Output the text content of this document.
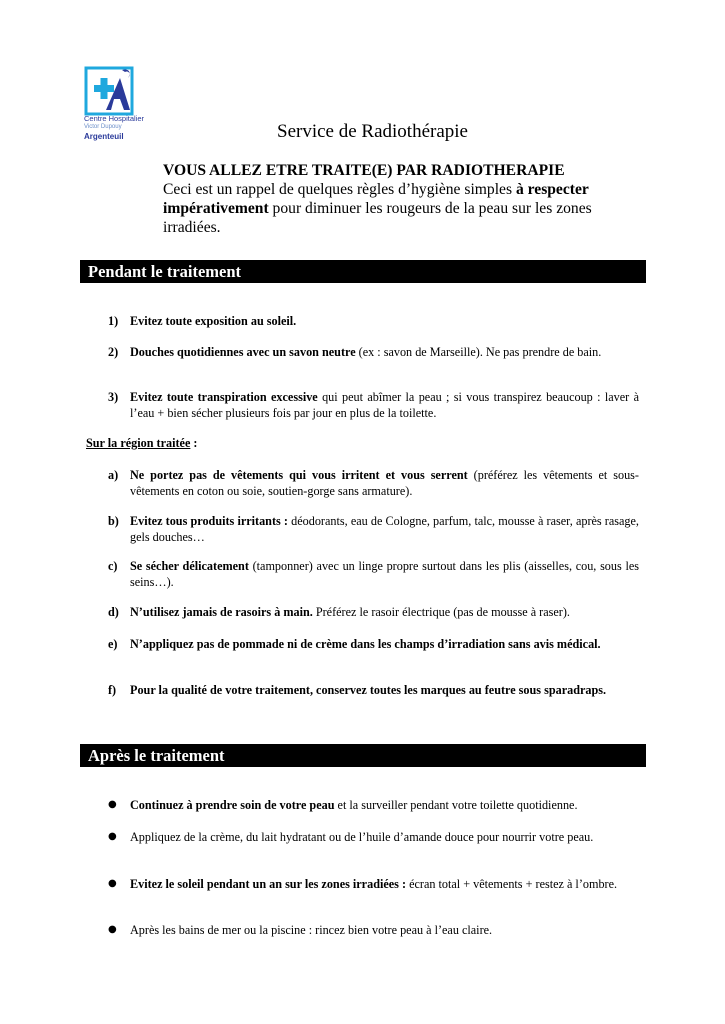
Centre Hospitalier
Victor Dupouy
Argenteuil	Service de Radiothérapie
VOUS ALLEZ ETRE TRAITE(E) PAR RADIOTHERAPIE
Ceci est un rappel de quelques règles d’hygiène simples à respecter impérativement pour diminuer les rougeurs de la peau sur les zones irradiées.
Pendant le traitement
1) Evitez toute exposition au soleil.
2) Douches quotidiennes avec un savon neutre (ex : savon de Marseille). Ne pas prendre de bain.
3) Evitez toute transpiration excessive qui peut abîmer la peau ; si vous transpirez beaucoup : laver à l’eau + bien sécher plusieurs fois par jour en plus de la toilette.
Sur la région traitée :
a) Ne portez pas de vêtements qui vous irritent et vous serrent (préférez les vêtements et sous-vêtements en coton ou soie, soutien-gorge sans armature).
b) Evitez tous produits irritants : déodorants, eau de Cologne, parfum, talc, mousse à raser, après rasage, gels douches…
c) Se sécher délicatement (tamponner) avec un linge propre surtout dans les plis (aisselles, cou, sous les seins…).
d) N’utilisez jamais de rasoirs à main. Préférez le rasoir électrique (pas de mousse à raser).
e) N’appliquez pas de pommade ni de crème dans les champs d’irradiation sans avis médical.
f) Pour la qualité de votre traitement, conservez toutes les marques au feutre sous sparadraps.
Après le traitement
● Continuez à prendre soin de votre peau et la surveiller pendant votre toilette quotidienne.
● Appliquez de la crème, du lait hydratant ou de l’huile d’amande douce pour nourrir votre peau.
● Evitez le soleil pendant un an sur les zones irradiées : écran total + vêtements + restez à l’ombre.
● Après les bains de mer ou la piscine : rincez bien votre peau à l’eau claire.
